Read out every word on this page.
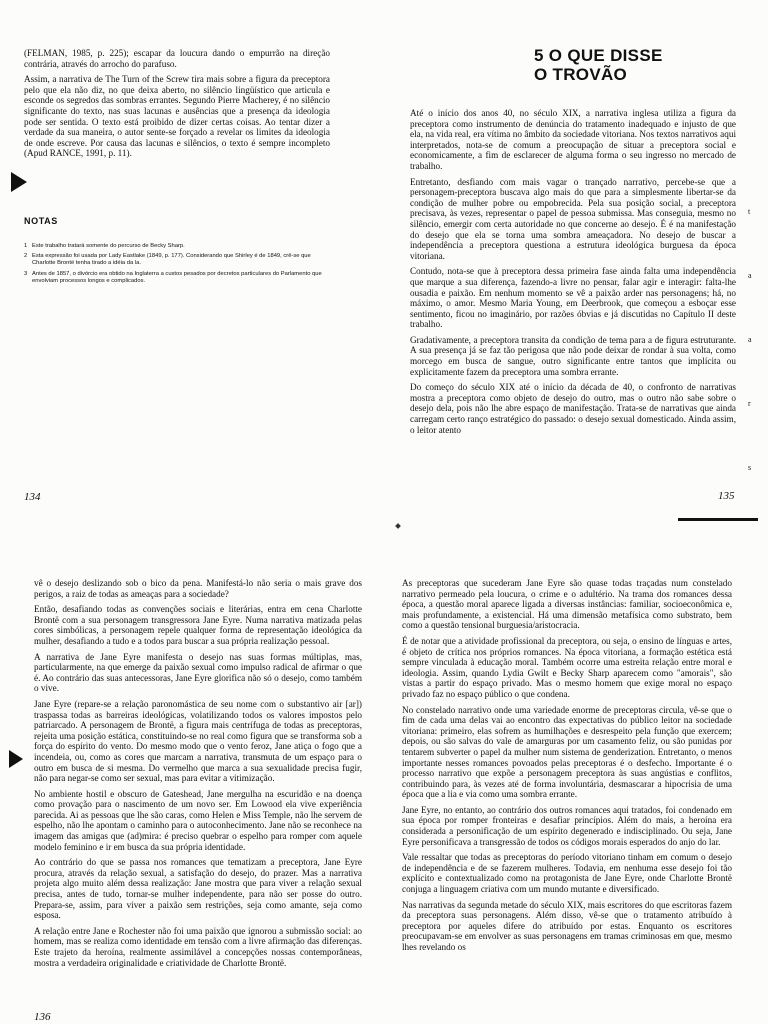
(FELMAN, 1985, p. 225); escapar da loucura dando o empurrão na direção contrária, através do arrocho do parafuso.

Assim, a narrativa de The Turn of the Screw tira mais sobre a figura da preceptora pelo que ela não diz, no que deixa aberto, no silêncio lingüístico que articula e esconde os segredos das sombras errantes. Segundo Pierre Macherey, é no silêncio significante do texto, nas suas lacunas e ausências que a presença da ideologia pode ser sentida. O texto está proibido de dizer certas coisas. Ao tentar dizer a verdade da sua maneira, o autor sente-se forçado a revelar os limites da ideologia de onde escreve. Por causa das lacunas e silêncios, o texto é sempre incompleto (Apud RANCE, 1991, p. 11).

NOTAS
1 Este trabalho tratará somente do percurso de Becky Sharp.
2 Esta expressão foi usada por Lady Eastlake (1849, p. 177). Considerando que Shirley é de 1849, crê-se que Charlotte Brontë tenha tirado a idéia da la.
3 Antes de 1857, o divórcio era obtido na Inglaterra a custos pesados por decretos particulares do Parlamento que envolviam processos longos e complicados.

134

5 O QUE DISSE
O TROVÃO

Até o início dos anos 40, no século XIX, a narrativa inglesa utiliza a figura da preceptora como instrumento de denúncia do tratamento inadequado e injusto de que ela, na vida real, era vítima no âmbito da sociedade vitoriana. Nos textos narrativos aqui interpretados, nota-se de comum a preocupação de situar a preceptora social e economicamente, a fim de esclarecer de alguma forma o seu ingresso no mercado de trabalho.

Entretanto, desfiando com mais vagar o trançado narrativo, percebe-se que a personagem-preceptora buscava algo mais do que para a simplesmente libertar-se da condição de mulher pobre ou empobrecida. Pela sua posição social, a preceptora precisava, às vezes, representar o papel de pessoa submissa. Mas conseguia, mesmo no silêncio, emergir com certa autoridade no que concerne ao desejo. É é na manifestação do desejo que ela se torna uma sombra ameaçadora. No desejo de buscar a independência a preceptora questiona a estrutura ideológica burguesa da época vitoriana.

Contudo, nota-se que à preceptora dessa primeira fase ainda falta uma independência que marque a sua diferença, fazendo-a livre no pensar, falar agir e interagir: falta-lhe ousadia e paixão. Em nenhum momento se vê a paixão arder nas personagens; há, no máximo, o amor. Mesmo Maria Young, em Deerbrook, que começou a esboçar esse sentimento, ficou no imaginário, por razões óbvias e já discutidas no Capítulo II deste trabalho.

Gradativamente, a preceptora transita da condição de tema para a de figura estruturante. A sua presença já se faz tão perigosa que não pode deixar de rondar à sua volta, como morcego em busca de sangue, outro significante entre tantos que implícita ou explicitamente fazem da preceptora uma sombra errante.

Do começo do século XIX até o início da década de 40, o confronto de narrativas mostra a preceptora como objeto de desejo do outro, mas o outro não sabe sobre o desejo dela, pois não lhe abre espaço de manifestação. Trata-se de narrativas que ainda carregam certo ranço estratégico do passado: o desejo sexual domesticado. Ainda assim, o leitor atento

t
a
a
r
s

135

vê o desejo deslizando sob o bico da pena. Manifestá-lo não seria o mais grave dos perigos, a raiz de todas as ameaças para a sociedade?

Então, desafiando todas as convenções sociais e literárias, entra em cena Charlotte Brontë com a sua personagem transgressora Jane Eyre. Numa narrativa matizada pelas cores simbólicas, a personagem repele qualquer forma de representação ideológica da mulher, desafiando a tudo e a todos para buscar a sua própria realização pessoal.

A narrativa de Jane Eyre manifesta o desejo nas suas formas múltiplas, mas, particularmente, na que emerge da paixão sexual como impulso radical de afirmar o que é. Ao contrário das suas antecessoras, Jane Eyre glorifica não só o desejo, como também o vive.

Jane Eyre (repare-se a relação paronomástica de seu nome com o substantivo air [ar]) traspassa todas as barreiras ideológicas, volatilizando todos os valores impostos pelo patriarcado. A personagem de Brontë, a figura mais centrífuga de todas as preceptoras, rejeita uma posição estática, constituindo-se no real como figura que se transforma sob a força do espírito do vento. Do mesmo modo que o vento feroz, Jane atiça o fogo que a incendeia, ou, como as cores que marcam a narrativa, transmuta de um espaço para o outro em busca de si mesma. Do vermelho que marca a sua sexualidade precisa fugir, não para negar-se como ser sexual, mas para evitar a vitimização.

No ambiente hostil e obscuro de Gateshead, Jane mergulha na escuridão e na doença como provação para o nascimento de um novo ser. Em Lowood ela vive experiência parecida. Ai as pessoas que lhe são caras, como Helen e Miss Temple, não lhe servem de espelho, não lhe apontam o caminho para o autoconhecimento. Jane não se reconhece na imagem das amigas que (ad)mira: é preciso quebrar o espelho para romper com aquele modelo feminino e ir em busca da sua própria identidade.

Ao contrário do que se passa nos romances que tematizam a preceptora, Jane Eyre procura, através da relação sexual, a satisfação do desejo, do prazer. Mas a narrativa projeta algo muito além dessa realização: Jane mostra que para viver a relação sexual precisa, antes de tudo, tornar-se mulher independente, para não ser posse do outro. Prepara-se, assim, para viver a paixão sem restrições, seja como amante, seja como esposa.

A relação entre Jane e Rochester não foi uma paixão que ignorou a submissão social: ao homem, mas se realiza como identidade em tensão com a livre afirmação das diferenças. Este trajeto da heroína, realmente assimilável a concepções nossas contemporâneas, mostra a verdadeira originalidade e criatividade de Charlotte Brontë.

As preceptoras que sucederam Jane Eyre são quase todas traçadas num constelado narrativo permeado pela loucura, o crime e o adultério. Na trama dos romances dessa época, a questão moral aparece ligada a diversas instâncias: familiar, socioeconômica e, mais profundamente, a existencial. Há uma dimensão metafísica como substrato, bem como a questão tensional burguesia/aristocracia.

É de notar que a atividade profissional da preceptora, ou seja, o ensino de línguas e artes, é objeto de crítica nos próprios romances. Na época vitoriana, a formação estética está sempre vinculada à educação moral. Também ocorre uma estreita relação entre moral e ideologia. Assim, quando Lydia Gwilt e Becky Sharp aparecem como "amorais", são vistas a partir do espaço privado. Mas o mesmo homem que exige moral no espaço privado faz no espaço público o que condena.

No constelado narrativo onde uma variedade enorme de preceptoras circula, vê-se que o fim de cada uma delas vai ao encontro das expectativas do público leitor na sociedade vitoriana: primeiro, elas sofrem as humilhações e desrespeito pela função que exercem; depois, ou são salvas do vale de amarguras por um casamento feliz, ou são punidas por tentarem subverter o papel da mulher num sistema de genderization. Entretanto, o menos importante nesses romances povoados pelas preceptoras é o desfecho. Importante é o processo narrativo que expõe a personagem preceptora às suas angústias e conflitos, contribuindo para, às vezes até de forma involuntária, desmascarar a hipocrisia de uma época que a lia e via como uma sombra errante.

Jane Eyre, no entanto, ao contrário dos outros romances aqui tratados, foi condenado em sua época por romper fronteiras e desafiar princípios. Além do mais, a heroína era considerada a personificação de um espírito degenerado e indisciplinado. Ou seja, Jane Eyre personificava a transgressão de todos os códigos morais esperados do anjo do lar.

Vale ressaltar que todas as preceptoras do período vitoriano tinham em comum o desejo de independência e de se fazerem mulheres. Todavia, em nenhuma esse desejo foi tão explícito e contextualizado como na protagonista de Jane Eyre, onde Charlotte Brontë conjuga a linguagem criativa com um mundo mutante e diversificado.

Nas narrativas da segunda metade do século XIX, mais escritores do que escritoras fazem da preceptora suas personagens. Além disso, vê-se que o tratamento atribuído à preceptora por aqueles difere do atribuído por estas. Enquanto os escritores preocupavam-se em envolver as suas personagens em tramas criminosas em que, mesmo lhes revelando os

136
